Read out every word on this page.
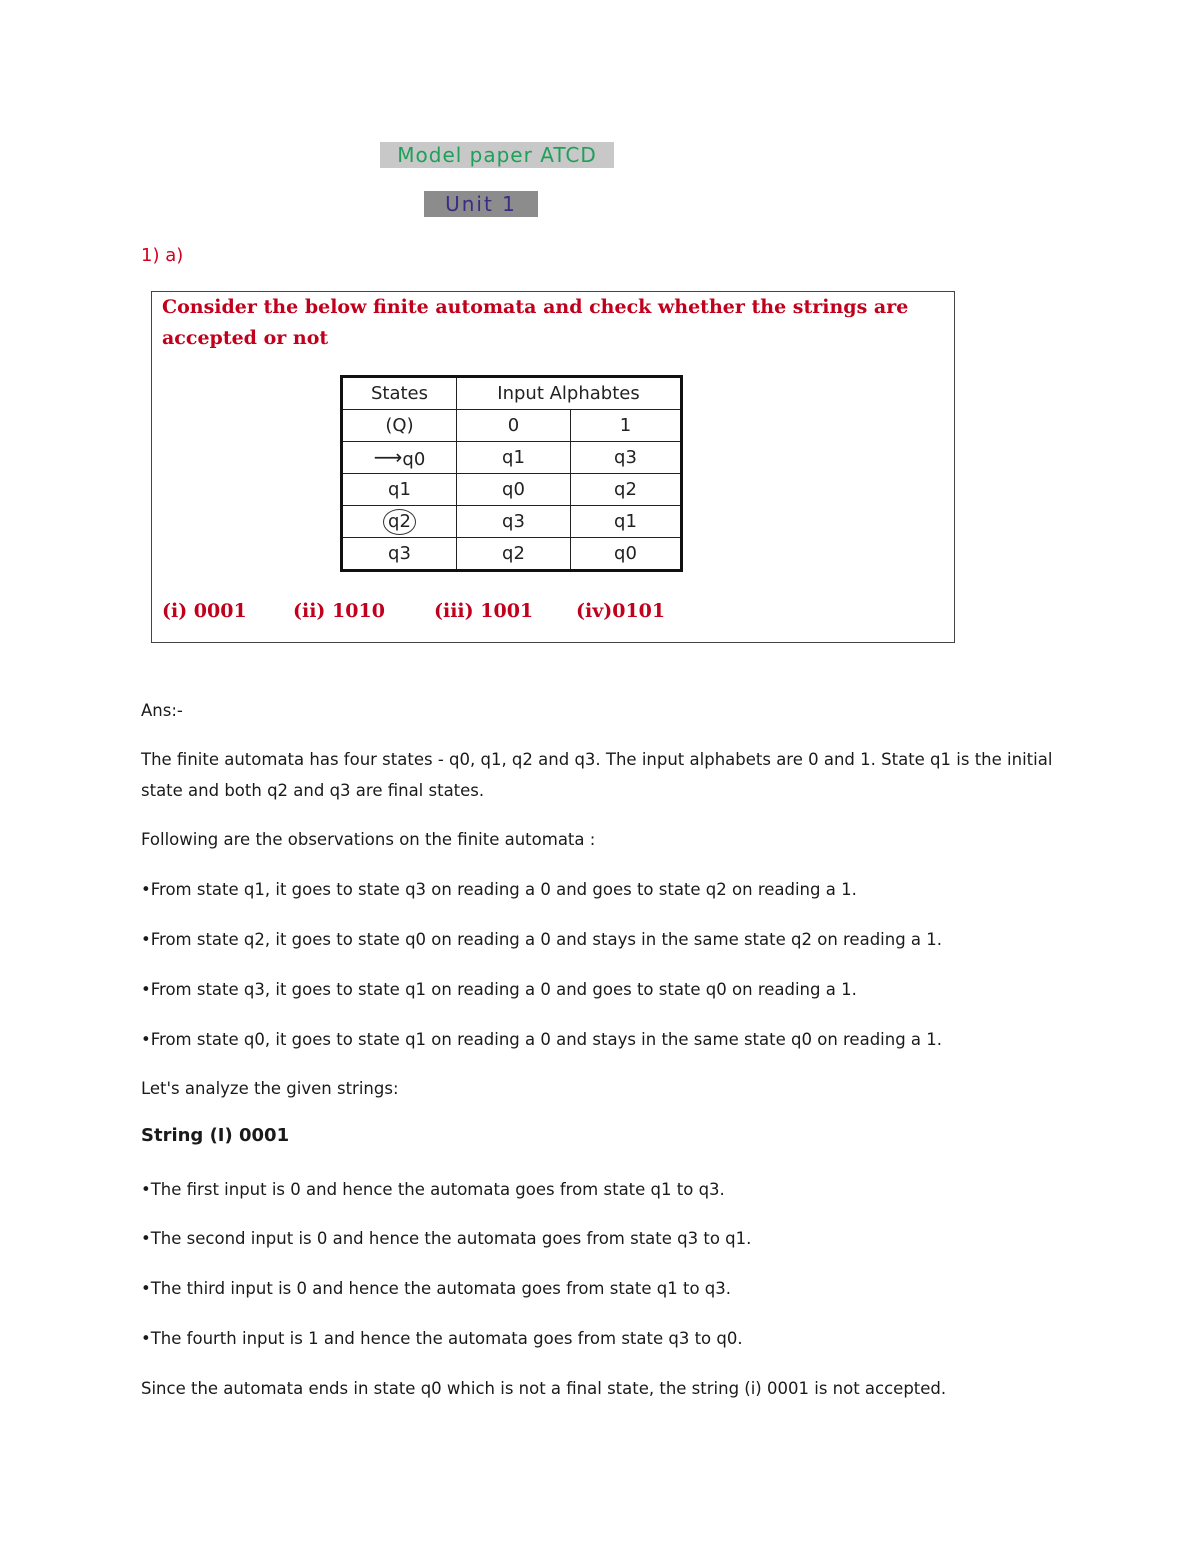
Model paper ATCD
Unit 1
1) a)
Consider the below finite automata and check whether the strings are accepted or not
States	Input Alphabtes	
(Q)	0	1
⟶q0	q1	q3
q1	q0	q2
q2	q3	q1
q3	q2	q0
(i) 0001 (ii) 1010	(iii) 1001 (iv)0101
Ans:-
The finite automata has four states - q0, q1, q2 and q3. The input alphabets are 0 and 1. State q1 is the initial state and both q2 and q3 are final states.
Following are the observations on the finite automata :
•From state q1, it goes to state q3 on reading a 0 and goes to state q2 on reading a 1.
•From state q2, it goes to state q0 on reading a 0 and stays in the same state q2 on reading a 1.
•From state q3, it goes to state q1 on reading a 0 and goes to state q0 on reading a 1.
•From state q0, it goes to state q1 on reading a 0 and stays in the same state q0 on reading a 1.
Let's analyze the given strings:
String (I) 0001
•The first input is 0 and hence the automata goes from state q1 to q3.
•The second input is 0 and hence the automata goes from state q3 to q1.
•The third input is 0 and hence the automata goes from state q1 to q3.
•The fourth input is 1 and hence the automata goes from state q3 to q0.
Since the automata ends in state q0 which is not a final state, the string (i) 0001 is not accepted.
